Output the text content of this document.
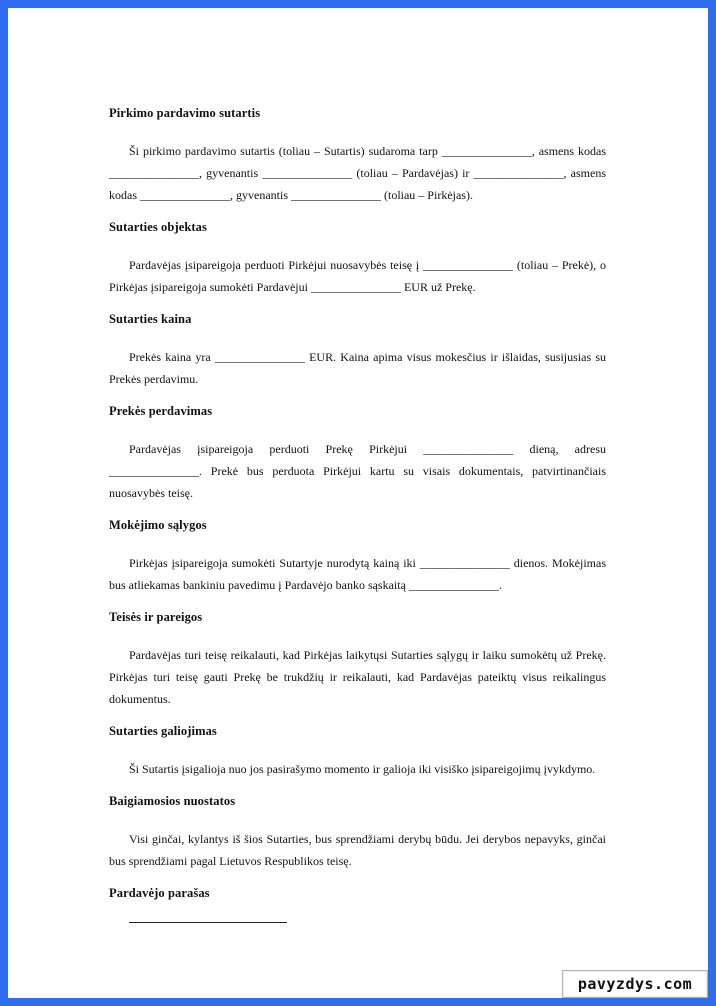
Pirkimo pardavimo sutartis

Ši pirkimo pardavimo sutartis (toliau – Sutartis) sudaroma tarp _______________, asmens kodas _______________, gyvenantis _______________ (toliau – Pardavėjas) ir _______________, asmens kodas _______________, gyvenantis _______________ (toliau – Pirkėjas).

Sutarties objektas

Pardavėjas įsipareigoja perduoti Pirkėjui nuosavybės teisę į _______________ (toliau – Prekė), o Pirkėjas įsipareigoja sumokėti Pardavėjui _______________ EUR už Prekę.

Sutarties kaina

Prekės kaina yra _______________ EUR. Kaina apima visus mokesčius ir išlaidas, susijusias su Prekės perdavimu.

Prekės perdavimas

Pardavėjas įsipareigoja perduoti Prekę Pirkėjui _______________ dieną, adresu _______________. Prekė bus perduota Pirkėjui kartu su visais dokumentais, patvirtinančiais nuosavybės teisę.

Mokėjimo sąlygos

Pirkėjas įsipareigoja sumokėti Sutartyje nurodytą kainą iki _______________ dienos. Mokėjimas bus atliekamas bankiniu pavedimu į Pardavėjo banko sąskaitą _______________.

Teisės ir pareigos

Pardavėjas turi teisę reikalauti, kad Pirkėjas laikytųsi Sutarties sąlygų ir laiku sumokėtų už Prekę. Pirkėjas turi teisę gauti Prekę be trukdžių ir reikalauti, kad Pardavėjas pateiktų visus reikalingus dokumentus.

Sutarties galiojimas

Ši Sutartis įsigalioja nuo jos pasirašymo momento ir galioja iki visiško įsipareigojimų įvykdymo.

Baigiamosios nuostatos

Visi ginčai, kylantys iš šios Sutarties, bus sprendžiami derybų būdu. Jei derybos nepavyks, ginčai bus sprendžiami pagal Lietuvos Respublikos teisę.

Pardavėjo parašas
pavyzdys.com
